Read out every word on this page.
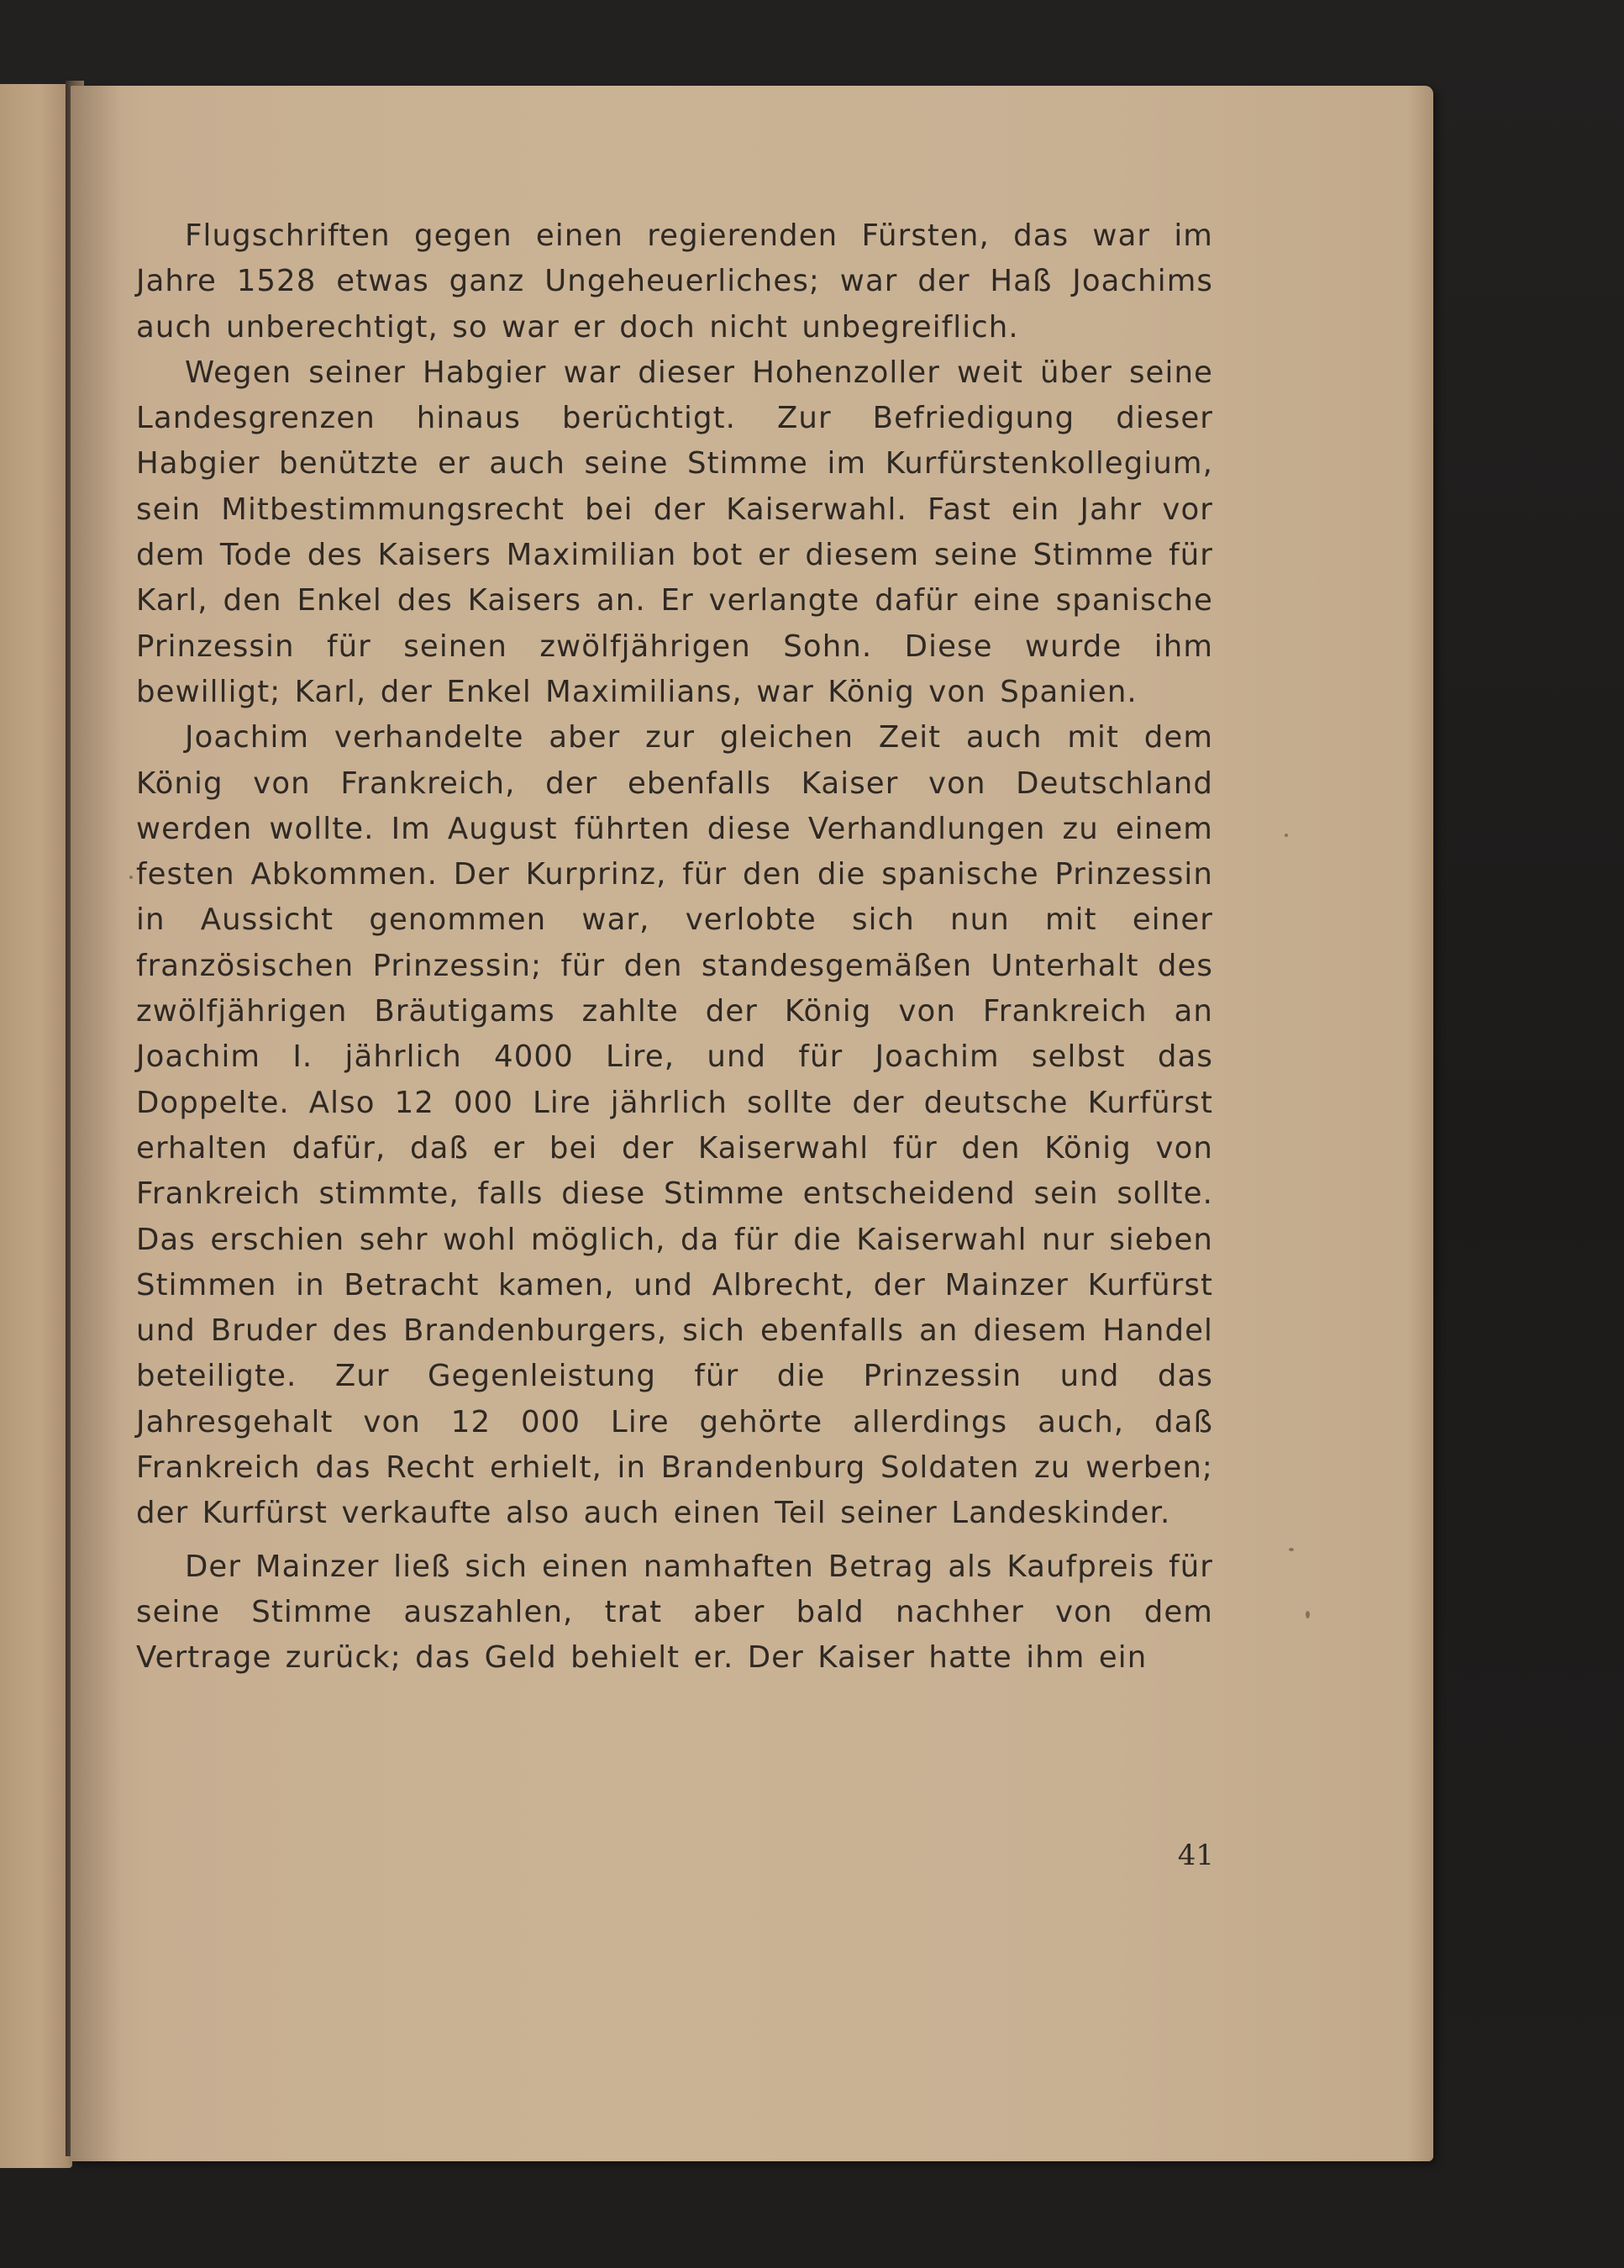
Flugschriften gegen einen regierenden Fürsten, das war im Jahre 1528 etwas ganz Ungeheuerliches; war der Haß Joachims auch unberechtigt, so war er doch nicht unbegreiflich.

Wegen seiner Habgier war dieser Hohenzoller weit über seine Landesgrenzen hinaus berüchtigt. Zur Befriedigung dieser Habgier benützte er auch seine Stimme im Kurfürstenkollegium, sein Mitbestimmungsrecht bei der Kaiserwahl. Fast ein Jahr vor dem Tode des Kaisers Maximilian bot er diesem seine Stimme für Karl, den Enkel des Kaisers an. Er verlangte dafür eine spanische Prinzessin für seinen zwölfjährigen Sohn. Diese wurde ihm bewilligt; Karl, der Enkel Maximilians, war König von Spanien.

Joachim verhandelte aber zur gleichen Zeit auch mit dem König von Frankreich, der ebenfalls Kaiser von Deutschland werden wollte. Im August führten diese Verhandlungen zu einem festen Abkommen. Der Kurprinz, für den die spanische Prinzessin in Aussicht genommen war, verlobte sich nun mit einer französischen Prinzessin; für den standesgemäßen Unterhalt des zwölfjährigen Bräutigams zahlte der König von Frankreich an Joachim I. jährlich 4000 Lire, und für Joachim selbst das Doppelte. Also 12 000 Lire jährlich sollte der deutsche Kurfürst erhalten dafür, daß er bei der Kaiserwahl für den König von Frankreich stimmte, falls diese Stimme entscheidend sein sollte. Das erschien sehr wohl möglich, da für die Kaiserwahl nur sieben Stimmen in Betracht kamen, und Albrecht, der Mainzer Kurfürst und Bruder des Brandenburgers, sich ebenfalls an diesem Handel beteiligte. Zur Gegenleistung für die Prinzessin und das Jahresgehalt von 12 000 Lire gehörte allerdings auch, daß Frankreich das Recht erhielt, in Brandenburg Soldaten zu werben; der Kurfürst verkaufte also auch einen Teil seiner Landeskinder.

Der Mainzer ließ sich einen namhaften Betrag als Kaufpreis für seine Stimme auszahlen, trat aber bald nachher von dem Vertrage zurück; das Geld behielt er. Der Kaiser hatte ihm ein

41
